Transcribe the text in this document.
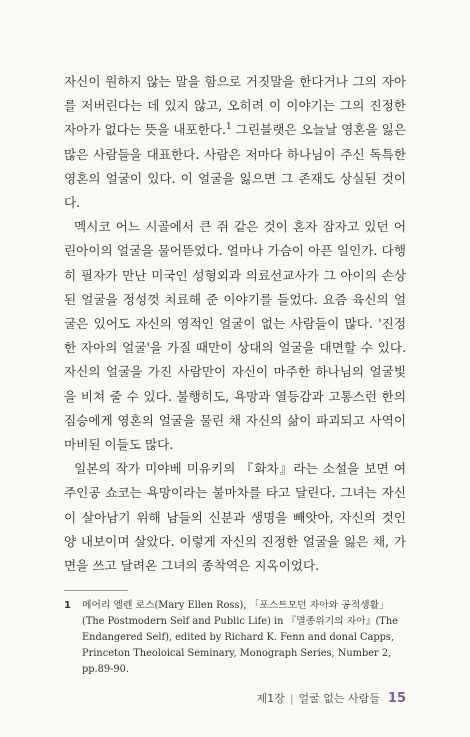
자신이 원하지 않는 말을 함으로 거짓말을 한다거나 그의 자아를 저버린다는 데 있지 않고, 오히려 이 이야기는 그의 진정한 자아가 없다는 뜻을 내포한다.$^1$ 그린블랫은 오늘날 영혼을 잃은 많은 사람들을 대표한다. 사람은 저마다 하나님이 주신 독특한 영혼의 얼굴이 있다. 이 얼굴을 잃으면 그 존재도 상실된 것이다.

멕시코 어느 시골에서 큰 쥐 같은 것이 혼자 잠자고 있던 어린아이의 얼굴을 물어뜯었다. 얼마나 가슴이 아픈 일인가. 다행히 필자가 만난 미국인 성형외과 의료선교사가 그 아이의 손상된 얼굴을 정성껏 치료해 준 이야기를 들었다. 요즘 육신의 얼굴은 있어도 자신의 영적인 얼굴이 없는 사람들이 많다. '진정한 자아의 얼굴'을 가질 때만이 상대의 얼굴을 대면할 수 있다. 자신의 얼굴을 가진 사람만이 자신이 마주한 하나님의 얼굴빛을 비쳐 줄 수 있다. 불행히도, 욕망과 열등감과 고통스런 한의 짐승에게 영혼의 얼굴을 물린 채 자신의 삶이 파괴되고 사역이 마비된 이들도 많다.

일본의 작가 미야베 미유키의 『화차』라는 소설을 보면 여주인공 쇼코는 욕망이라는 불마차를 타고 달린다. 그녀는 자신이 살아남기 위해 남들의 신분과 생명을 빼앗아, 자신의 것인 양 내보이며 살았다. 이렇게 자신의 진정한 얼굴을 잃은 채, 가면을 쓰고 달려온 그녀의 종착역은 지옥이었다.

1 메어리 엘렌 로스(Mary Ellen Ross), 「포스트모던 자아와 공적생활」(The Postmodern Self and Public Life) in 『멸종위기의 자아』(The Endangered Self), edited by Richard K. Fenn and donal Capps, Princeton Theoloical Seminary, Monograph Series, Number 2, pp.89-90.
제1장 | 얼굴 없는 사람들 15
